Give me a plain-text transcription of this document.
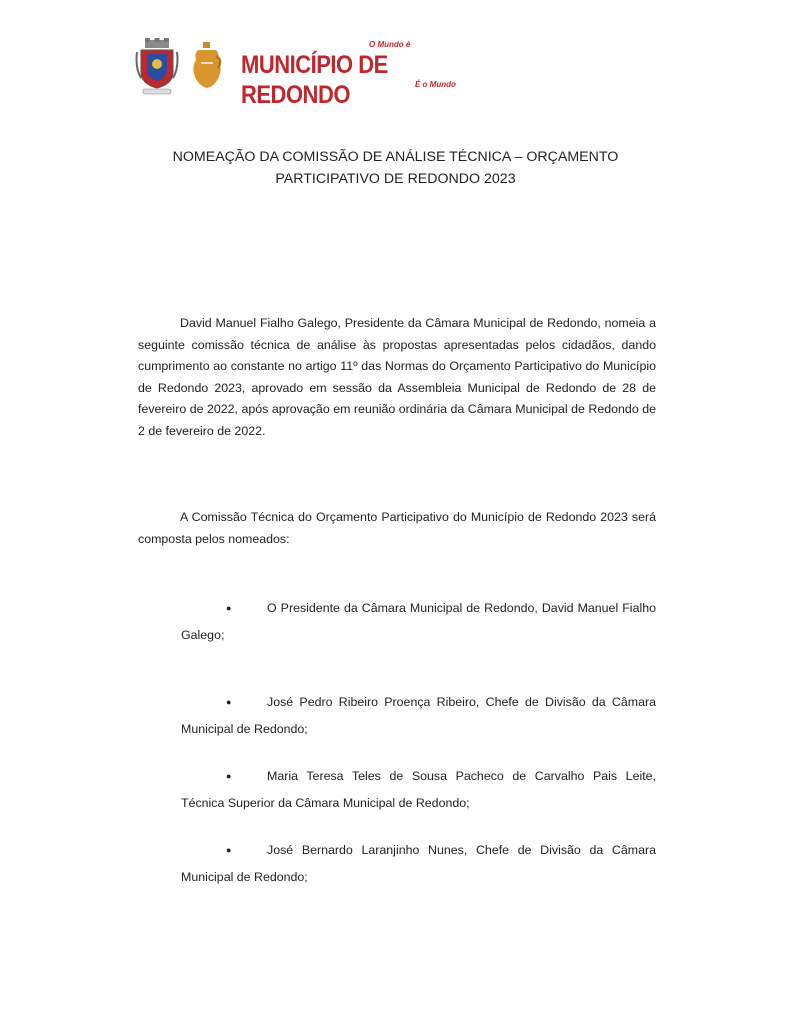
O Mundo é
MUNICÍPIO DE REDONDO	É o Mundo
NOMEAÇÃO DA COMISSÃO DE ANÁLISE TÉCNICA – ORÇAMENTO
PARTICIPATIVO DE REDONDO 2023
David Manuel Fialho Galego, Presidente da Câmara Municipal de Redondo, nomeia a seguinte comissão técnica de análise às propostas apresentadas pelos cidadãos, dando cumprimento ao constante no artigo 11º das Normas do Orçamento Participativo do Município de Redondo 2023, aprovado em sessão da Assembleia Municipal de Redondo de 28 de fevereiro de 2022, após aprovação em reunião ordinária da Câmara Municipal de Redondo de 2 de fevereiro de 2022.
A Comissão Técnica do Orçamento Participativo do Município de Redondo 2023 será composta pelos nomeados:
●	O Presidente da Câmara Municipal de Redondo, David Manuel Fialho Galego;
●	José Pedro Ribeiro Proença Ribeiro, Chefe de Divisão da Câmara Municipal de Redondo;
●	Maria Teresa Teles de Sousa Pacheco de Carvalho Pais Leite, Técnica Superior da Câmara Municipal de Redondo;
●	José Bernardo Laranjinho Nunes, Chefe de Divisão da Câmara Municipal de Redondo;
